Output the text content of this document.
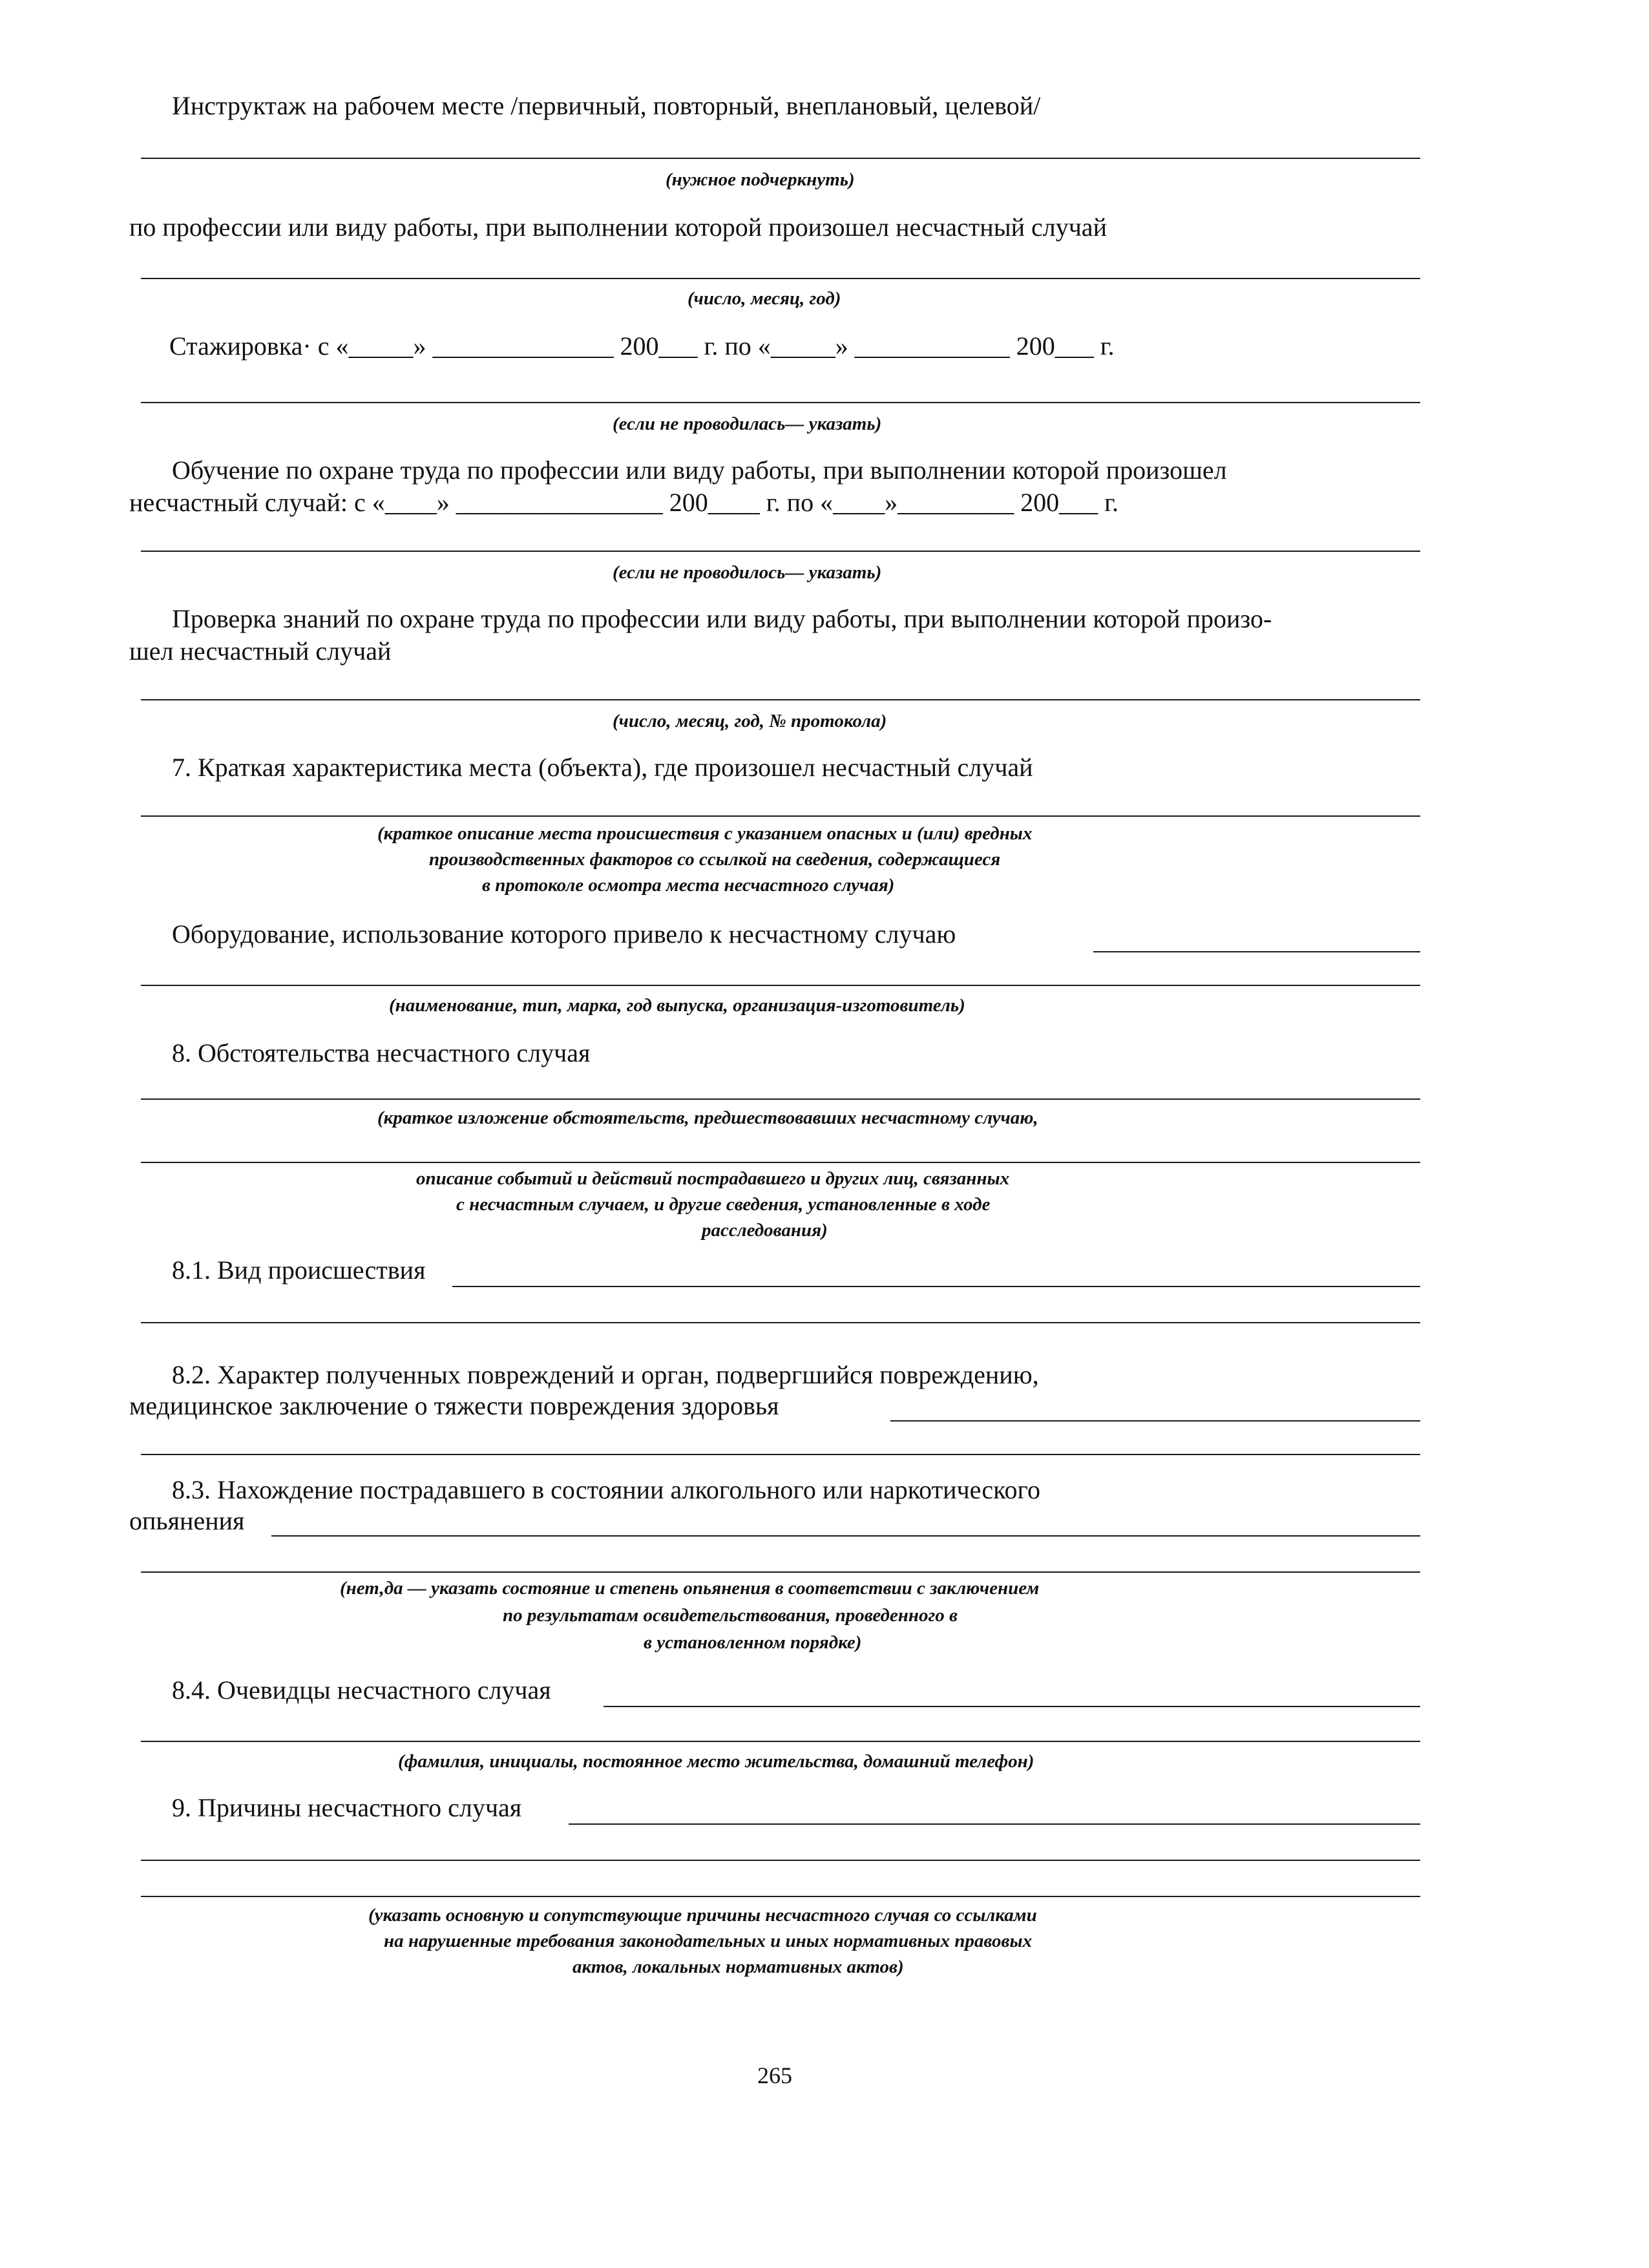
Инструктаж на рабочем месте /первичный, повторный, внеплановый, целевой/
(нужное подчеркнуть)
по профессии или виду работы, при выполнении которой произошел несчастный случай
(число, месяц, год)
Стажировка· с «_____» ______________ 200___ г. по «_____» ____________ 200___ г.
(если не проводилась— указать)
Обучение по охране труда по профессии или виду работы, при выполнении которой произошел
несчастный случай: с «____» ________________ 200____ г. по «____»_________ 200___ г.
(если не проводилось— указать)
Проверка знаний по охране труда по профессии или виду работы, при выполнении которой произо-
шел несчастный случай
(число, месяц, год, № протокола)
7. Краткая характеристика места (объекта), где произошел несчастный случай
(краткое описание места происшествия с указанием опасных и (или) вредных
производственных факторов со ссылкой на сведения, содержащиеся
в протоколе осмотра места несчастного случая)
Оборудование, использование которого привело к несчастному случаю
(наименование, тип, марка, год выпуска, организация-изготовитель)
8. Обстоятельства несчастного случая
(краткое изложение обстоятельств, предшествовавших несчастному случаю,
описание событий и действий пострадавшего и других лиц, связанных
с несчастным случаем, и другие сведения, установленные в ходе
расследования)
8.1. Вид происшествия
8.2. Характер полученных повреждений и орган, подвергшийся повреждению,
медицинское заключение о тяжести повреждения здоровья
8.3. Нахождение пострадавшего в состоянии алкогольного или наркотического
опьянения
(нет,да — указать состояние и степень опьянения в соответствии с заключением
по результатам освидетельствования, проведенного в
в установленном порядке)
8.4. Очевидцы несчастного случая
(фамилия, инициалы, постоянное место жительства, домашний телефон)
9. Причины несчастного случая
(указать основную и сопутствующие причины несчастного случая со ссылками
на нарушенные требования законодательных и иных нормативных правовых
актов, локальных нормативных актов)
265
